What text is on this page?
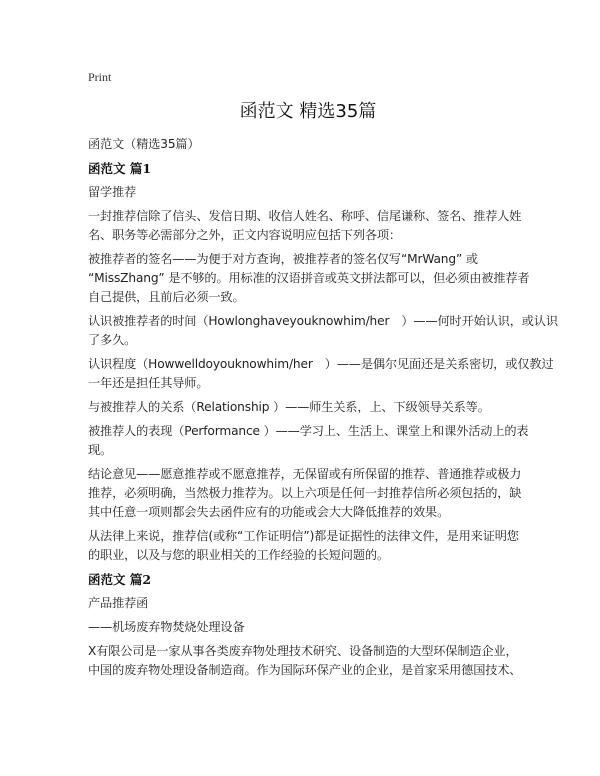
Print
函范文 精选35篇
函范文（精选35篇）
函范文 篇1
留学推荐
一封推荐信除了信头、发信日期、收信人姓名、称呼、信尾谦称、签名、推荐人姓
名、职务等必需部分之外，正文内容说明应包括下列各项：
被推荐者的签名——为便于对方查询，被推荐者的签名仅写“MrWang” 或
“MissZhang” 是不够的。用标准的汉语拼音或英文拼法都可以，但必须由被推荐者
自己提供，且前后必须一致。
认识被推荐者的时间（Howlonghaveyouknowhim/her　）——何时开始认识，或认识
了多久。
认识程度（Howwelldoyouknowhim/her　）——是偶尔见面还是关系密切，或仅教过
一年还是担任其导师。
与被推荐人的关系（Relationship ）——师生关系，上、下级领导关系等。
被推荐人的表现（Performance ）——学习上、生活上、课堂上和课外活动上的表
现。
结论意见——愿意推荐或不愿意推荐，无保留或有所保留的推荐、普通推荐或极力
推荐，必须明确，当然极力推荐为。以上六项是任何一封推荐信所必须包括的，缺
其中任意一项则都会失去函件应有的功能或会大大降低推荐的效果。
从法律上来说，推荐信(或称“工作证明信”)都是证据性的法律文件，是用来证明您
的职业，以及与您的职业相关的工作经验的长短问题的。
函范文 篇2
产品推荐函
——机场废弃物焚烧处理设备
X有限公司是一家从事各类废弃物处理技术研究、设备制造的大型环保制造企业，
中国的废弃物处理设备制造商。作为国际环保产业的企业，是首家采用德国技术、
